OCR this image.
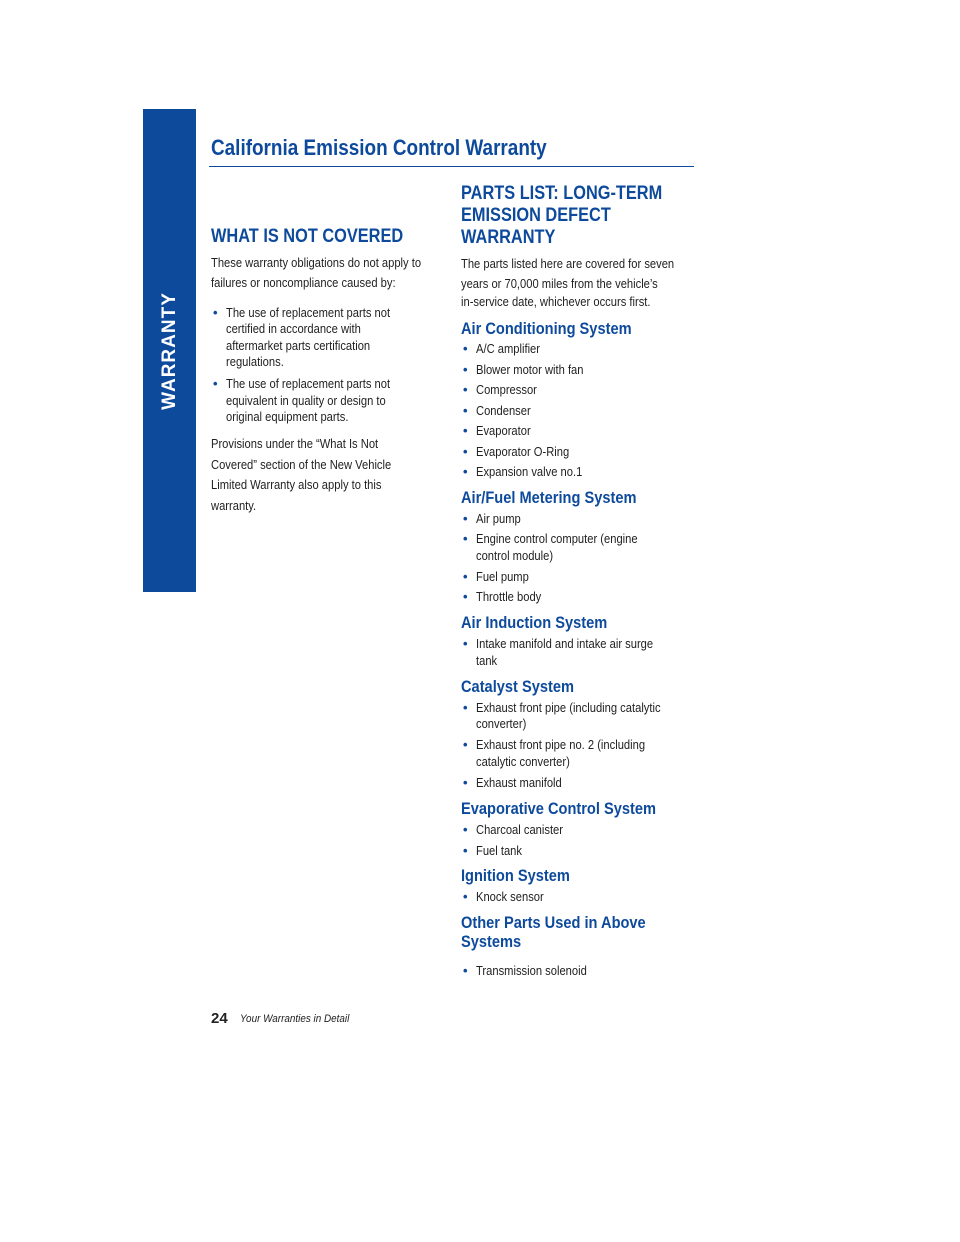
WARRANTY
California Emission Control Warranty
WHAT IS NOT COVERED
These warranty obligations do not apply to
failures or noncompliance caused by:
• The use of replacement parts not
certified in accordance with
aftermarket parts certification
regulations.
• The use of replacement parts not
equivalent in quality or design to
original equipment parts.
Provisions under the “What Is Not
Covered” section of the New Vehicle
Limited Warranty also apply to this
warranty.
PARTS LIST: LONG-TERM
EMISSION DEFECT
WARRANTY
The parts listed here are covered for seven
years or 70,000 miles from the vehicle’s
in-service date, whichever occurs first.
Air Conditioning System
• A/C amplifier
• Blower motor with fan
• Compressor
• Condenser
• Evaporator
• Evaporator O-Ring
• Expansion valve no.1
Air/Fuel Metering System
• Air pump
• Engine control computer (engine
control module)
• Fuel pump
• Throttle body
Air Induction System
• Intake manifold and intake air surge
tank
Catalyst System
• Exhaust front pipe (including catalytic
converter)
• Exhaust front pipe no. 2 (including
catalytic converter)
• Exhaust manifold
Evaporative Control System
• Charcoal canister
• Fuel tank
Ignition System
• Knock sensor
Other Parts Used in Above
Systems
• Transmission solenoid
24 Your Warranties in Detail
